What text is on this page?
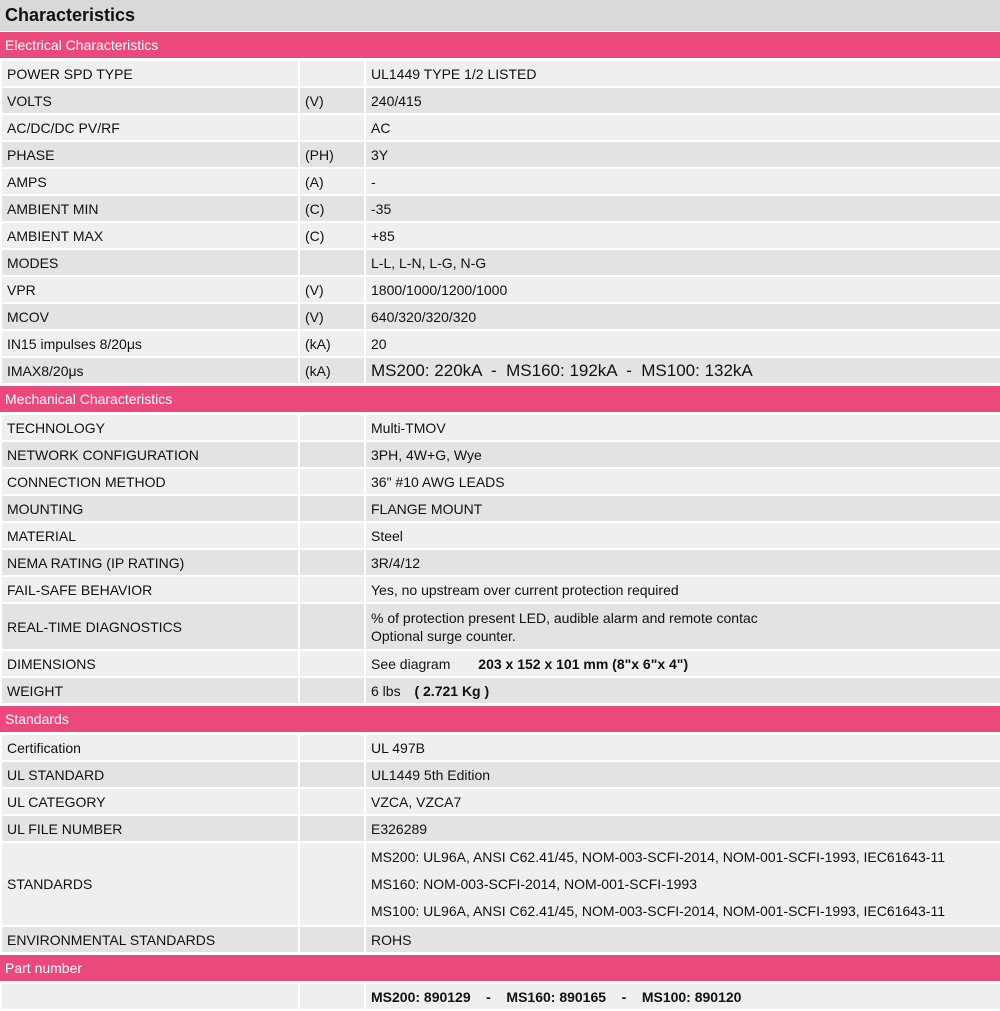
Characteristics
Electrical Characteristics
POWER SPD TYPE		UL1449 TYPE 1/2 LISTED
VOLTS	(V)	240/415
AC/DC/DC PV/RF		AC
PHASE	(PH)	3Y
AMPS	(A)	-
AMBIENT MIN	(C)	-35
AMBIENT MAX	(C)	+85
MODES		L-L, L-N, L-G, N-G
VPR	(V)	1800/1000/1200/1000
MCOV	(V)	640/320/320/320
IN15 impulses 8/20μs	(kA)	20
IMAX8/20μs	(kA)	MS200: 220kA  -  MS160: 192kA  -  MS100: 132kA
Mechanical Characteristics
TECHNOLOGY		Multi-TMOV
NETWORK CONFIGURATION		3PH, 4W+G, Wye
CONNECTION METHOD		36" #10 AWG LEADS
MOUNTING		FLANGE MOUNT
MATERIAL		Steel
NEMA RATING (IP RATING)		3R/4/12
FAIL-SAFE BEHAVIOR		Yes, no upstream over current protection required
REAL-TIME DIAGNOSTICS		% of protection present LED, audible alarm and remote contac
Optional surge counter.

DIMENSIONS		See diagram 203 x 152 x 101 mm (8"x 6"x 4")
WEIGHT		6 lbs ( 2.721 Kg )
Standards
Certification		UL 497B
UL STANDARD		UL1449 5th Edition
UL CATEGORY		VZCA, VZCA7
UL FILE NUMBER		E326289
STANDARDS		MS200: UL96A, ANSI C62.41/45, NOM-003-SCFI-2014, NOM-001-SCFI-1993, IEC61643-11
MS160: NOM-003-SCFI-2014, NOM-001-SCFI-1993
MS100: UL96A, ANSI C62.41/45, NOM-003-SCFI-2014, NOM-001-SCFI-1993, IEC61643-11

ENVIRONMENTAL STANDARDS		ROHS
Part number
		MS200: 890129    -    MS160: 890165    -    MS100: 890120
